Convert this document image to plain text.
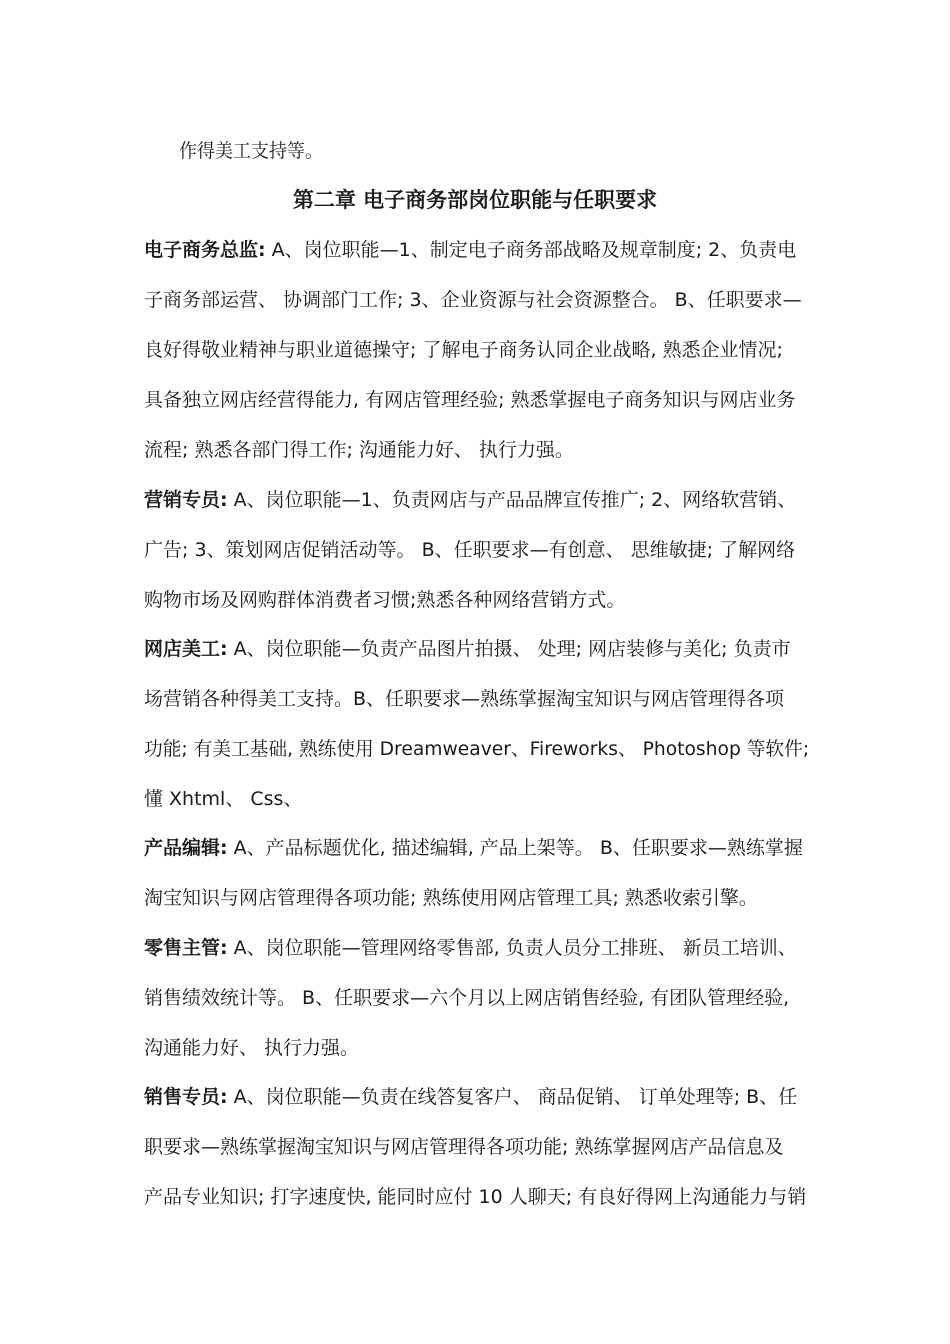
作得美工支持等。
第二章 电子商务部岗位职能与任职要求
电子商务总监: A、岗位职能—1、制定电子商务部战略及规章制度; 2、负责电
子商务部运营、 协调部门工作; 3、企业资源与社会资源整合。 B、任职要求—
良好得敬业精神与职业道德操守; 了解电子商务认同企业战略, 熟悉企业情况;
具备独立网店经营得能力, 有网店管理经验; 熟悉掌握电子商务知识与网店业务
流程; 熟悉各部门得工作; 沟通能力好、 执行力强。
营销专员: A、岗位职能—1、负责网店与产品品牌宣传推广; 2、网络软营销、
广告; 3、策划网店促销活动等。 B、任职要求—有创意、 思维敏捷; 了解网络
购物市场及网购群体消费者习惯;熟悉各种网络营销方式。
网店美工: A、岗位职能—负责产品图片拍摄、 处理; 网店装修与美化; 负责市
场营销各种得美工支持。B、任职要求—熟练掌握淘宝知识与网店管理得各项
功能; 有美工基础, 熟练使用 Dreamweaver、Fireworks、 Photoshop 等软件;
懂 Xhtml、 Css、
产品编辑: A、产品标题优化, 描述编辑, 产品上架等。 B、任职要求—熟练掌握
淘宝知识与网店管理得各项功能; 熟练使用网店管理工具; 熟悉收索引擎。
零售主管: A、岗位职能—管理网络零售部, 负责人员分工排班、 新员工培训、
销售绩效统计等。 B、任职要求—六个月以上网店销售经验, 有团队管理经验,
沟通能力好、 执行力强。
销售专员: A、岗位职能—负责在线答复客户、 商品促销、 订单处理等; B、任
职要求—熟练掌握淘宝知识与网店管理得各项功能; 熟练掌握网店产品信息及
产品专业知识; 打字速度快, 能同时应付 10 人聊天; 有良好得网上沟通能力与销
